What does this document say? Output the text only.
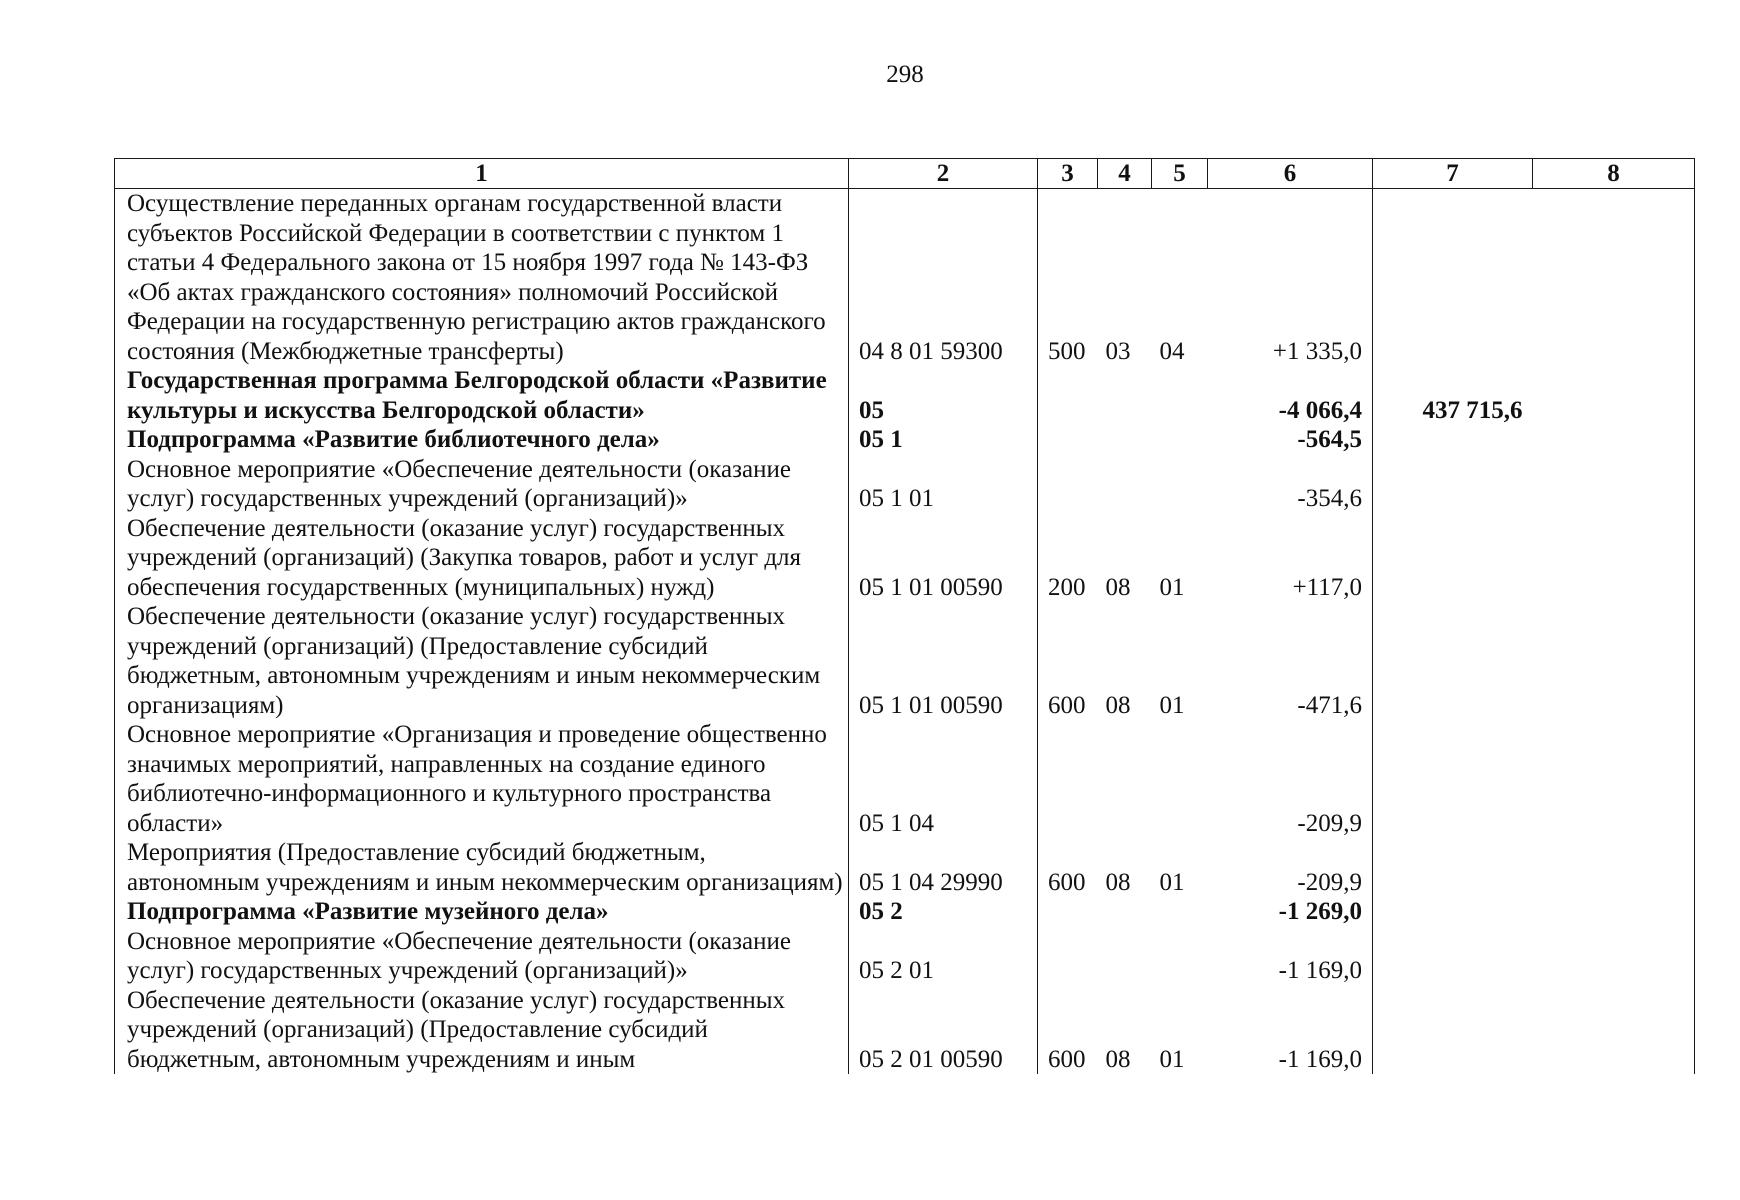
298
1	2	3	4	5	6	7	8
Осуществление переданных органам государственной власти субъектов Российской Федерации в соответствии с пунктом 1 статьи 4 Федерального закона от 15 ноября 1997 года № 143-ФЗ «Об актах гражданского состояния» полномочий Российской Федерации на государственную регистрацию актов гражданского состояния (Межбюджетные трансферты)	04 8 01 59300	500	03	04	+1 335,0		
Государственная программа Белгородской области «Развитие культуры и искусства Белгородской области»	05				-4 066,4	437 715,6	
Подпрограмма «Развитие библиотечного дела»	05 1				-564,5		
Основное мероприятие «Обеспечение деятельности (оказание услуг) государственных учреждений (организаций)»	05 1 01				-354,6		
Обеспечение деятельности (оказание услуг) государственных учреждений (организаций) (Закупка товаров, работ и услуг для обеспечения государственных (муниципальных) нужд)	05 1 01 00590	200	08	01	+117,0		
Обеспечение деятельности (оказание услуг) государственных учреждений (организаций) (Предоставление субсидий бюджетным, автономным учреждениям и иным некоммерческим организациям)	05 1 01 00590	600	08	01	-471,6		
Основное мероприятие «Организация и проведение общественно значимых мероприятий, направленных на создание единого библиотечно-информационного и культурного пространства области»	05 1 04				-209,9		
Мероприятия (Предоставление субсидий бюджетным, автономным учреждениям и иным некоммерческим организациям)	05 1 04 29990	600	08	01	-209,9		
Подпрограмма «Развитие музейного дела»	05 2				-1 269,0		
Основное мероприятие «Обеспечение деятельности (оказание услуг) государственных учреждений (организаций)»	05 2 01				-1 169,0		
Обеспечение деятельности (оказание услуг) государственных учреждений (организаций) (Предоставление субсидий бюджетным, автономным учреждениям и иным	05 2 01 00590	600	08	01	-1 169,0		
